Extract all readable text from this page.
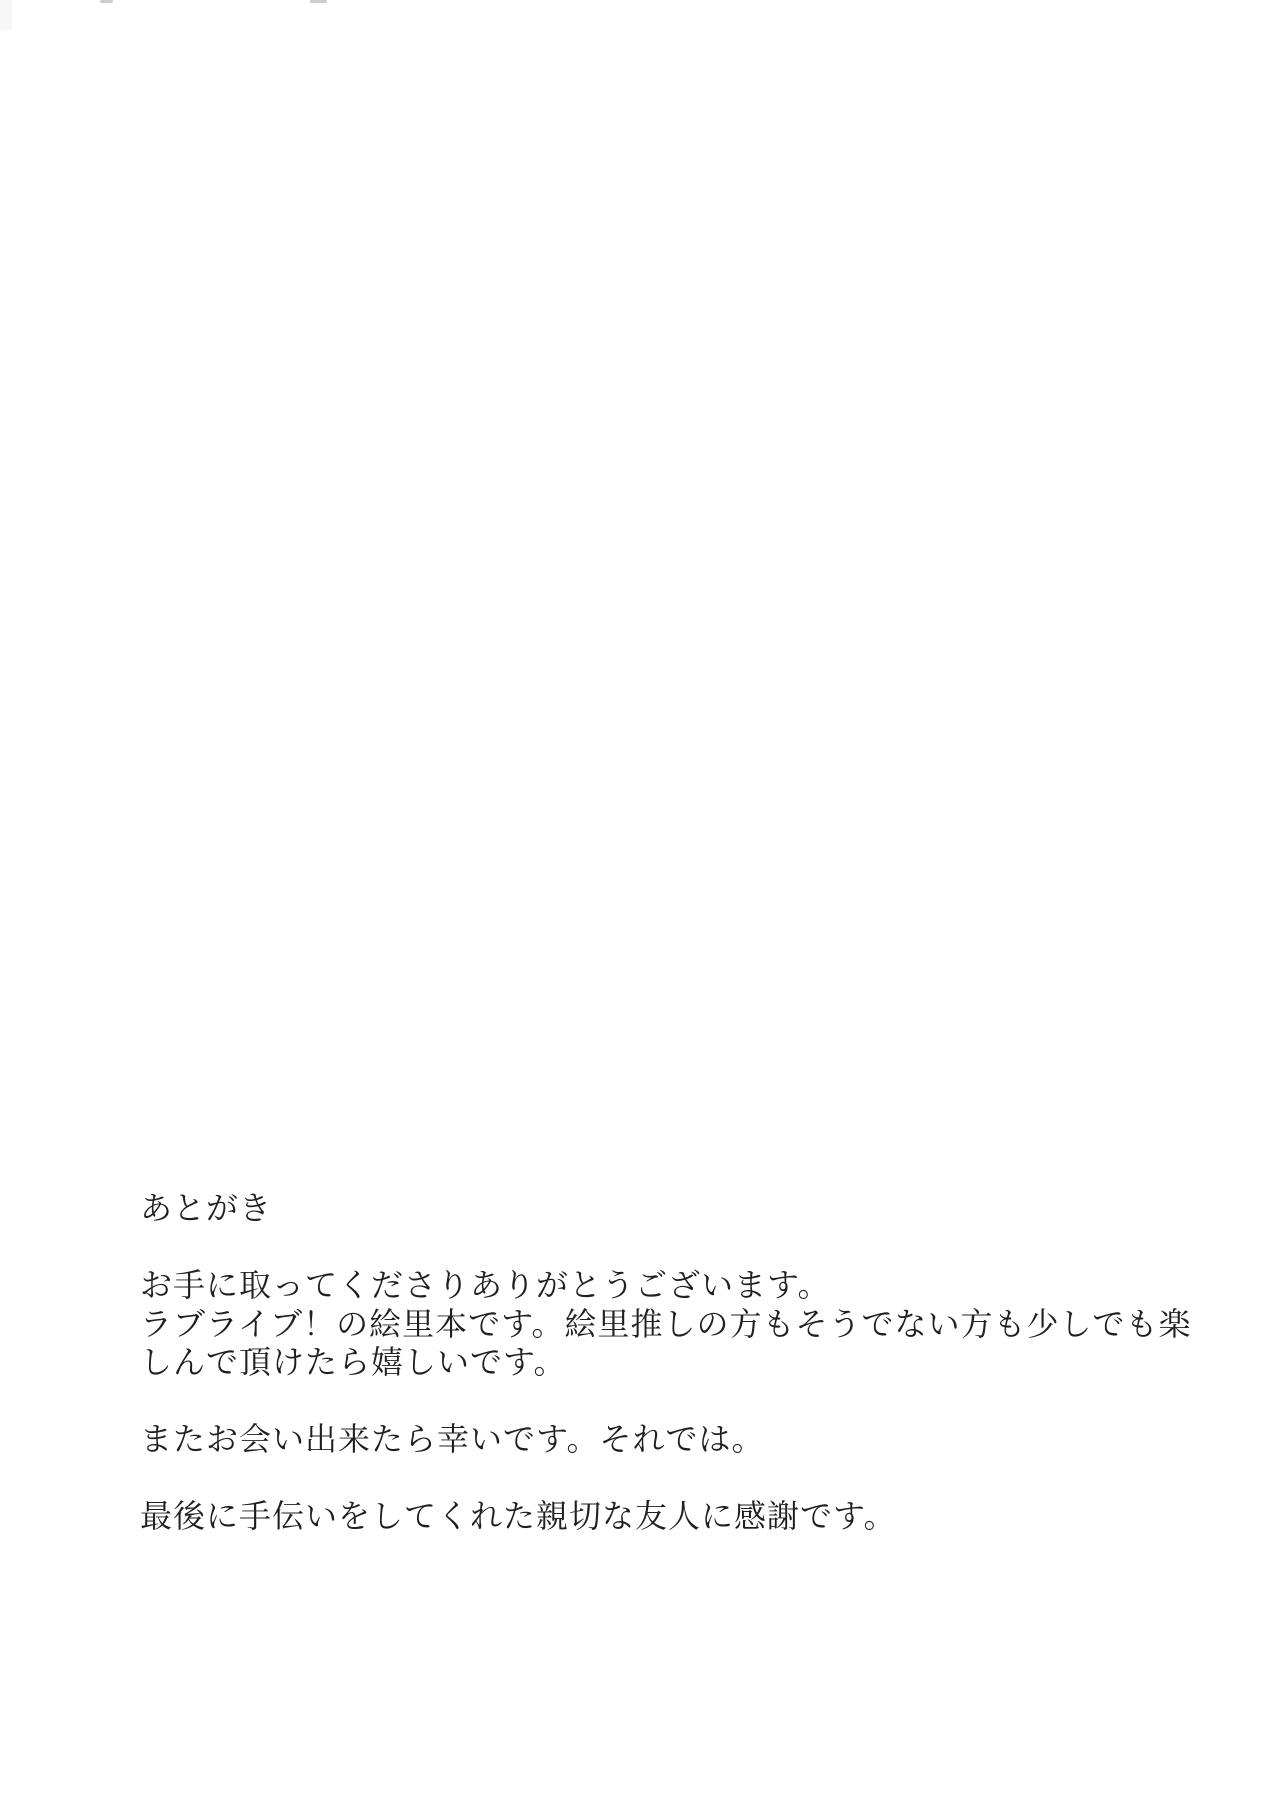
あとがき
お手に取ってくださりありがとうございます。
ラブライブ！の絵里本です。絵里推しの方もそうでない方も少しでも楽
しんで頂けたら嬉しいです。
またお会い出来たら幸いです。それでは。
最後に手伝いをしてくれた親切な友人に感謝です。
